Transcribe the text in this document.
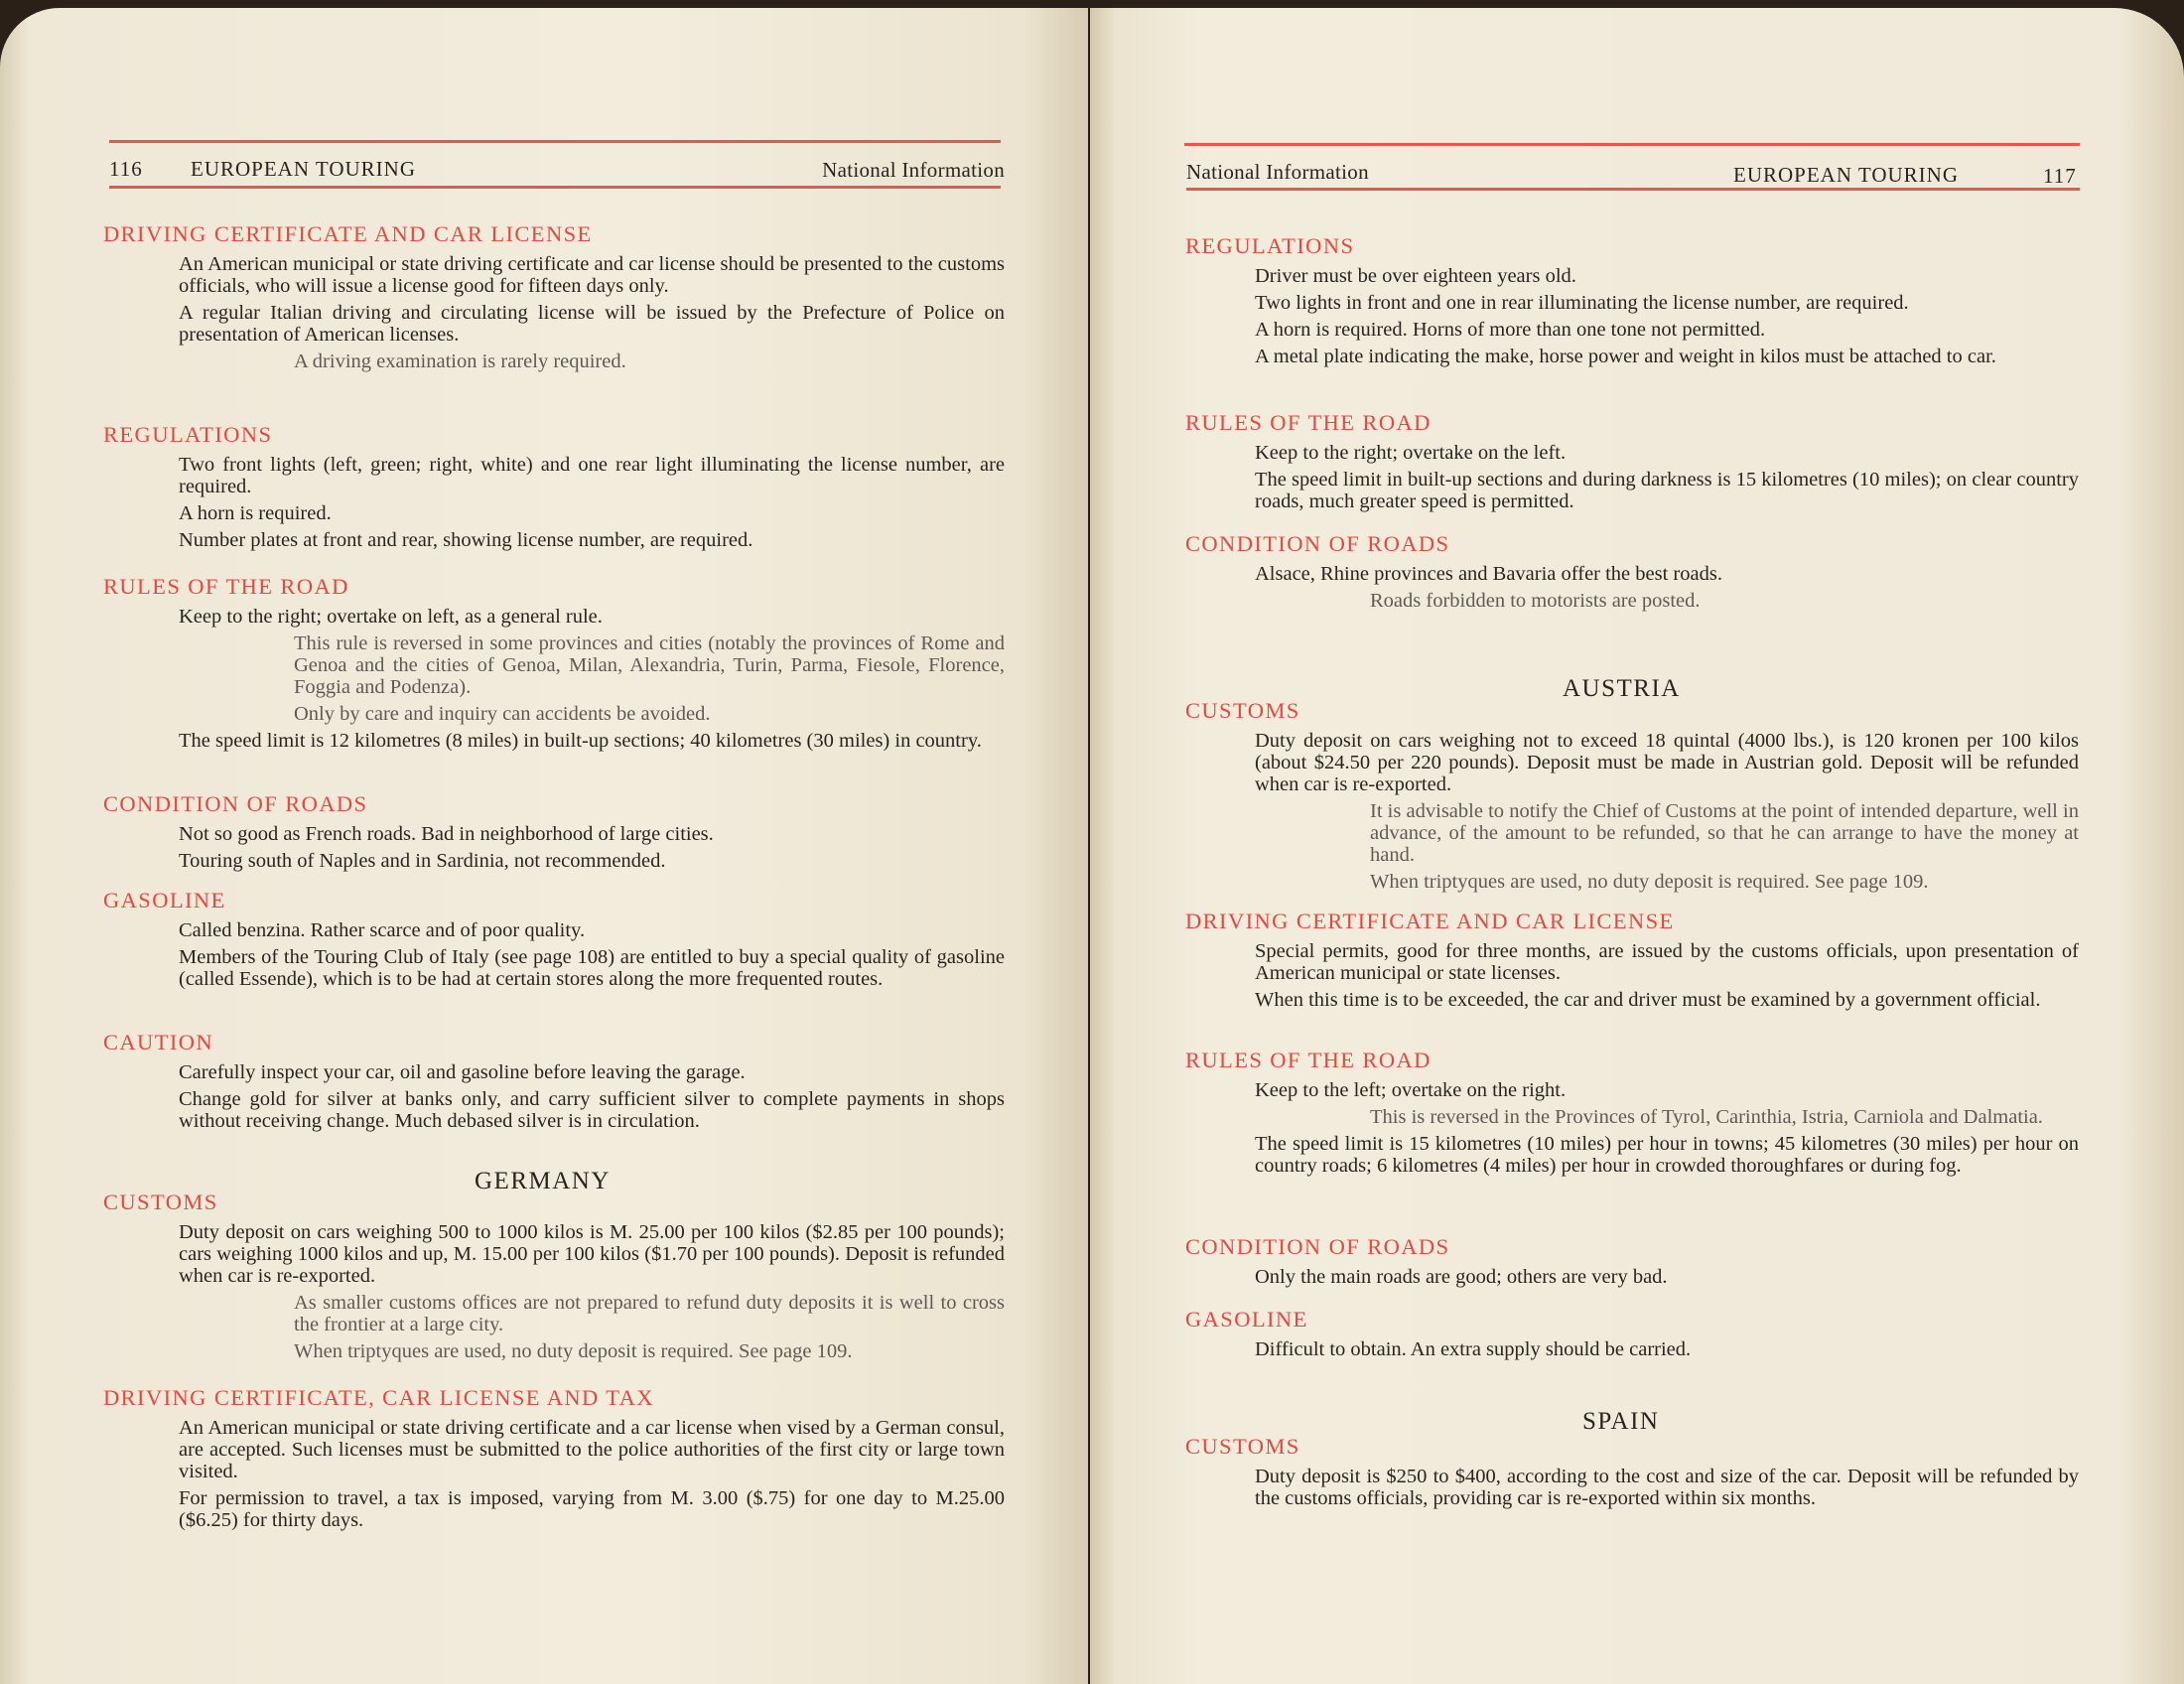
116 EUROPEAN TOURING	National Information
DRIVING CERTIFICATE AND CAR LICENSE

An American municipal or state driving certificate and car license should be presented to the customs officials, who will issue a license good for fifteen days only.

A regular Italian driving and circulating license will be issued by the Prefecture of Police on presentation of American licenses.

A driving examination is rarely required.

REGULATIONS

Two front lights (left, green; right, white) and one rear light illuminating the license number, are required.

A horn is required.

Number plates at front and rear, showing license number, are required.

RULES OF THE ROAD

Keep to the right; overtake on left, as a general rule.

This rule is reversed in some provinces and cities (notably the provinces of Rome and Genoa and the cities of Genoa, Milan, Alexandria, Turin, Parma, Fiesole, Florence, Foggia and Podenza).

Only by care and inquiry can accidents be avoided.

The speed limit is 12 kilometres (8 miles) in built-up sections; 40 kilometres (30 miles) in country.

CONDITION OF ROADS

Not so good as French roads. Bad in neighborhood of large cities.

Touring south of Naples and in Sardinia, not recommended.

GASOLINE

Called benzina. Rather scarce and of poor quality.

Members of the Touring Club of Italy (see page 108) are entitled to buy a special quality of gasoline (called Essende), which is to be had at certain stores along the more frequented routes.

CAUTION

Carefully inspect your car, oil and gasoline before leaving the garage.

Change gold for silver at banks only, and carry sufficient silver to complete payments in shops without receiving change. Much debased silver is in circulation.

GERMANY
CUSTOMS

Duty deposit on cars weighing 500 to 1000 kilos is M. 25.00 per 100 kilos ($2.85 per 100 pounds); cars weighing 1000 kilos and up, M. 15.00 per 100 kilos ($1.70 per 100 pounds). Deposit is refunded when car is re-exported.

As smaller customs offices are not prepared to refund duty deposits it is well to cross the frontier at a large city.

When triptyques are used, no duty deposit is required. See page 109.

DRIVING CERTIFICATE, CAR LICENSE AND TAX

An American municipal or state driving certificate and a car license when vised by a German consul, are accepted. Such licenses must be submitted to the police authorities of the first city or large town visited.

For permission to travel, a tax is imposed, varying from M. 3.00 ($.75) for one day to M.25.00 ($6.25) for thirty days.

National Information	EUROPEAN TOURING	117
REGULATIONS

Driver must be over eighteen years old.

Two lights in front and one in rear illuminating the license number, are required.

A horn is required. Horns of more than one tone not permitted.

A metal plate indicating the make, horse power and weight in kilos must be attached to car.

RULES OF THE ROAD

Keep to the right; overtake on the left.

The speed limit in built-up sections and during darkness is 15 kilometres (10 miles); on clear country roads, much greater speed is permitted.

CONDITION OF ROADS

Alsace, Rhine provinces and Bavaria offer the best roads.

Roads forbidden to motorists are posted.

AUSTRIA
CUSTOMS

Duty deposit on cars weighing not to exceed 18 quintal (4000 lbs.), is 120 kronen per 100 kilos (about $24.50 per 220 pounds). Deposit must be made in Austrian gold. Deposit will be refunded when car is re-exported.

It is advisable to notify the Chief of Customs at the point of intended departure, well in advance, of the amount to be refunded, so that he can arrange to have the money at hand.

When triptyques are used, no duty deposit is required. See page 109.

DRIVING CERTIFICATE AND CAR LICENSE

Special permits, good for three months, are issued by the customs officials, upon presentation of American municipal or state licenses.

When this time is to be exceeded, the car and driver must be examined by a government official.

RULES OF THE ROAD

Keep to the left; overtake on the right.

This is reversed in the Provinces of Tyrol, Carinthia, Istria, Carniola and Dalmatia.

The speed limit is 15 kilometres (10 miles) per hour in towns; 45 kilometres (30 miles) per hour on country roads; 6 kilometres (4 miles) per hour in crowded thoroughfares or during fog.

CONDITION OF ROADS

Only the main roads are good; others are very bad.

GASOLINE

Difficult to obtain. An extra supply should be carried.

SPAIN
CUSTOMS

Duty deposit is $250 to $400, according to the cost and size of the car. Deposit will be refunded by the customs officials, providing car is re-exported within six months.
